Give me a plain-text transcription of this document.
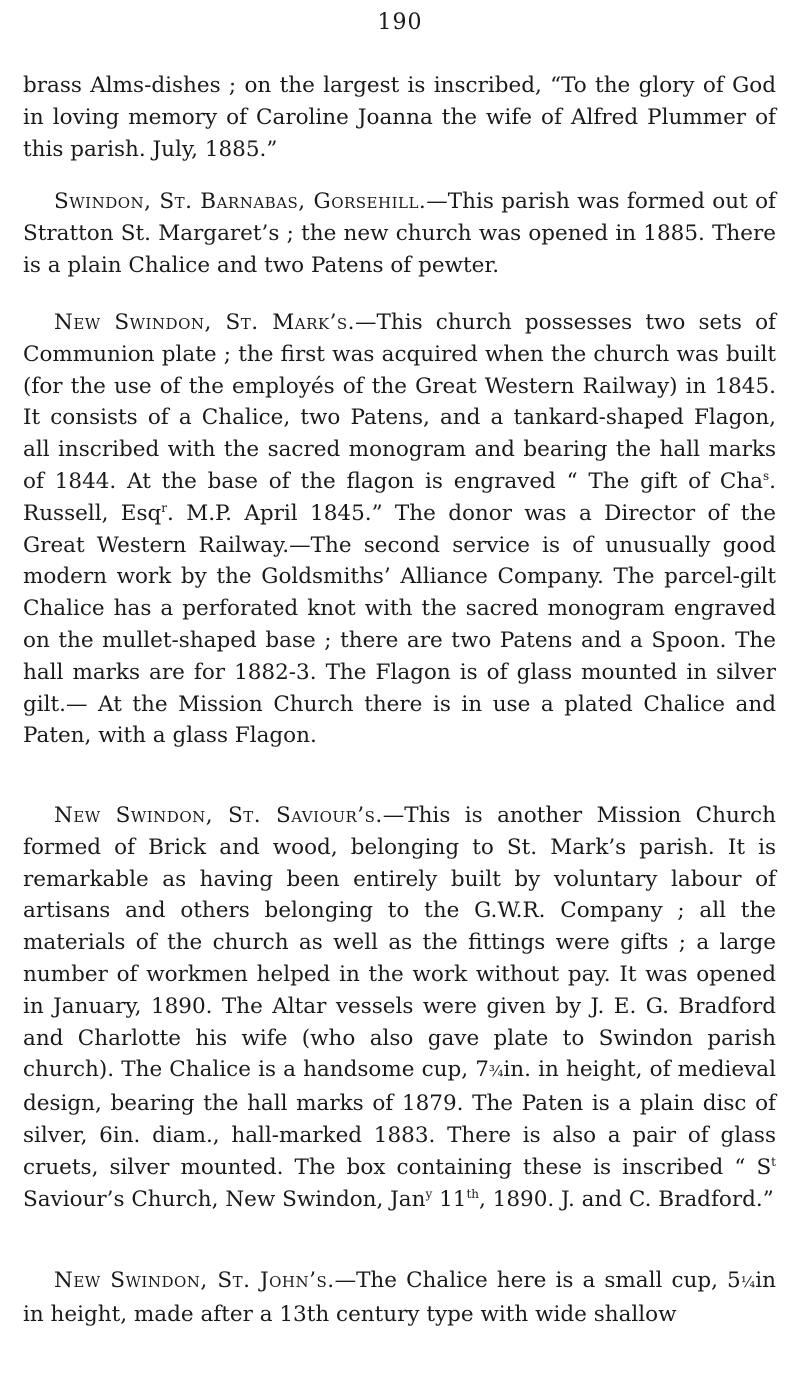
190

brass Alms-dishes ; on the largest is inscribed, “To the glory of God in loving memory of Caroline Joanna the wife of Alfred Plummer of this parish. July, 1885.”

Swindon, St. Barnabas, Gorsehill.—This parish was formed out of Stratton St. Margaret’s ; the new church was opened in 1885. There is a plain Chalice and two Patens of pewter.

New Swindon, St. Mark’s.—This church possesses two sets of Communion plate ; the first was acquired when the church was built (for the use of the employés of the Great Western Railway) in 1845. It consists of a Chalice, two Patens, and a tankard-shaped Flagon, all inscribed with the sacred monogram and bearing the hall marks of 1844. At the base of the flagon is engraved “ The gift of Cha$^s$. Russell, Esq$^r$. M.P. April 1845.” The donor was a Director of the Great Western Railway.—The second service is of unusually good modern work by the Goldsmiths’ Alliance Company. The parcel-gilt Chalice has a perforated knot with the sacred monogram engraved on the mullet-shaped base ; there are two Patens and a Spoon. The hall marks are for 1882-3. The Flagon is of glass mounted in silver gilt.— At the Mission Church there is in use a plated Chalice and Paten, with a glass Flagon.

New Swindon, St. Saviour’s.—This is another Mission Church formed of Brick and wood, belonging to St. Mark’s parish. It is remarkable as having been entirely built by voluntary labour of artisans and others belonging to the G.W.R. Company ; all the materials of the church as well as the fittings were gifts ; a large number of workmen helped in the work without pay. It was opened in January, 1890. The Altar vessels were given by J. E. G. Bradford and Charlotte his wife (who also gave plate to Swindon parish church). The Chalice is a handsome cup, 7¾in. in height, of medieval design, bearing the hall marks of 1879. The Paten is a plain disc of silver, 6in. diam., hall-marked 1883. There is also a pair of glass cruets, silver mounted. The box containing these is inscribed “ $S^t$ Saviour’s Church, New Swindon, Jan$^y$ 11th, 1890. J. and C. Bradford.”

New Swindon, St. John’s.—The Chalice here is a small cup, 5¼in in height, made after a 13th century type with wide shallow
